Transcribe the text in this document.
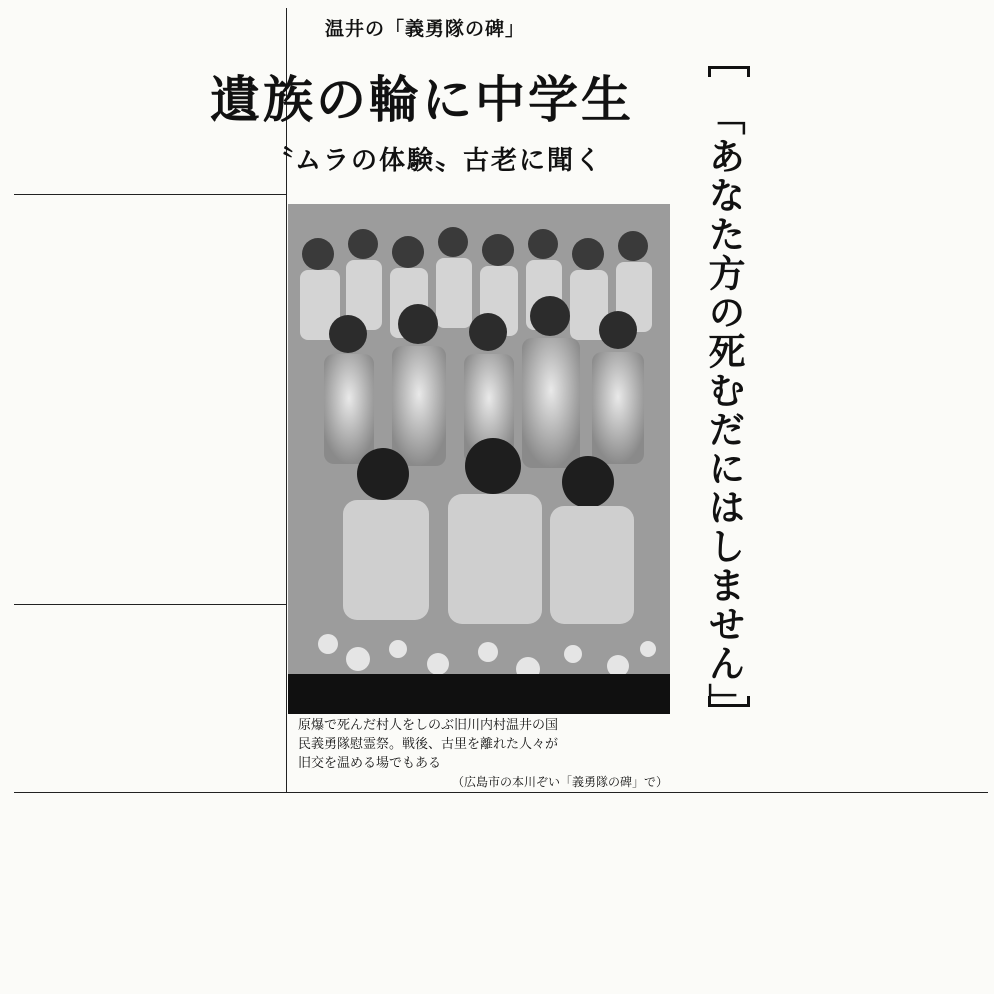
温井の「義勇隊の碑」
遺族の輪に中学生
〝ムラの体験〟古老に聞く

原爆で死んだ村人をしのぶ旧川内村温井の国

民義勇隊慰霊祭。戦後、古里を離れた人々が

旧交を温める場でもある

（広島市の本川ぞい「義勇隊の碑」で）

「あなた方の死むだにはしません」
